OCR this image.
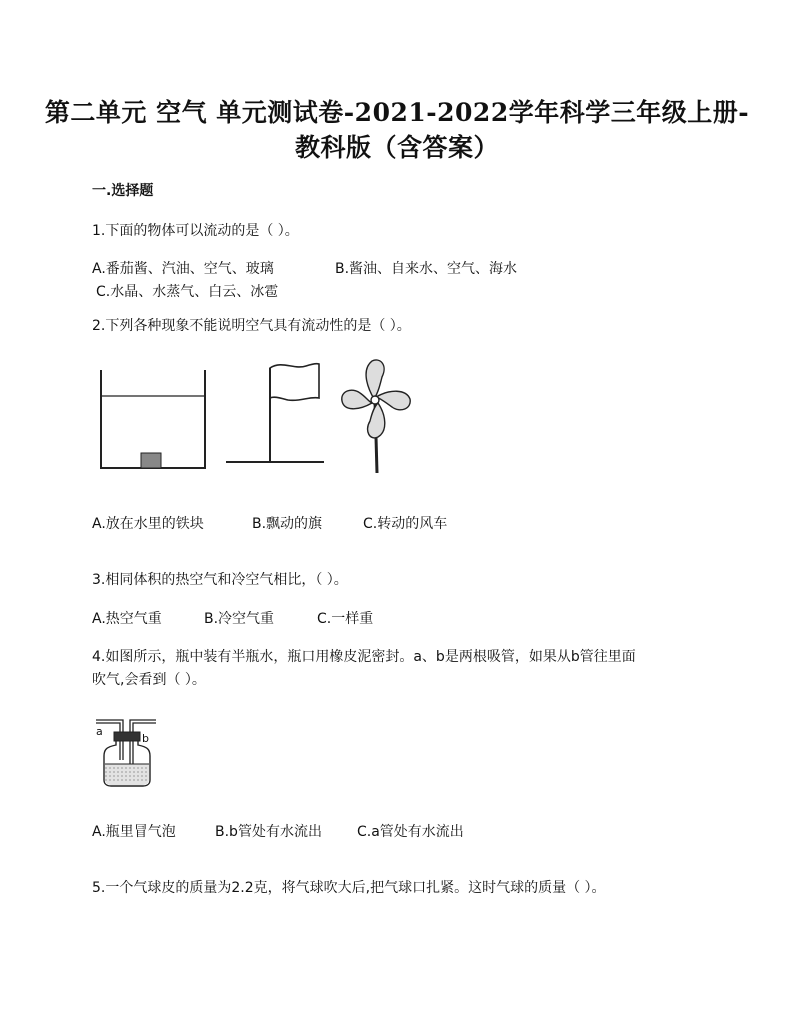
第二单元 空气 单元测试卷-2021-2022学年科学三年级上册-
教科版（含答案）
一.选择题
1.下面的物体可以流动的是（ ）。
A.番茄酱、汽油、空气、玻璃	B.酱油、自来水、空气、海水
C.水晶、水蒸气、白云、冰雹
2.下列各种现象不能说明空气具有流动性的是（ ）。
A.放在水里的铁块	B.飘动的旗	C.转动的风车
3.相同体积的热空气和冷空气相比，（ ）。
A.热空气重	B.冷空气重	C.一样重
4.如图所示，瓶中装有半瓶水，瓶口用橡皮泥密封。a、b是两根吸管，如果从b管往里面
吹气,会看到（ ）。
a
b
A.瓶里冒气泡	B.b管处有水流出	C.a管处有水流出
5.一个气球皮的质量为2.2克，将气球吹大后,把气球口扎紧。这时气球的质量（ ）。
